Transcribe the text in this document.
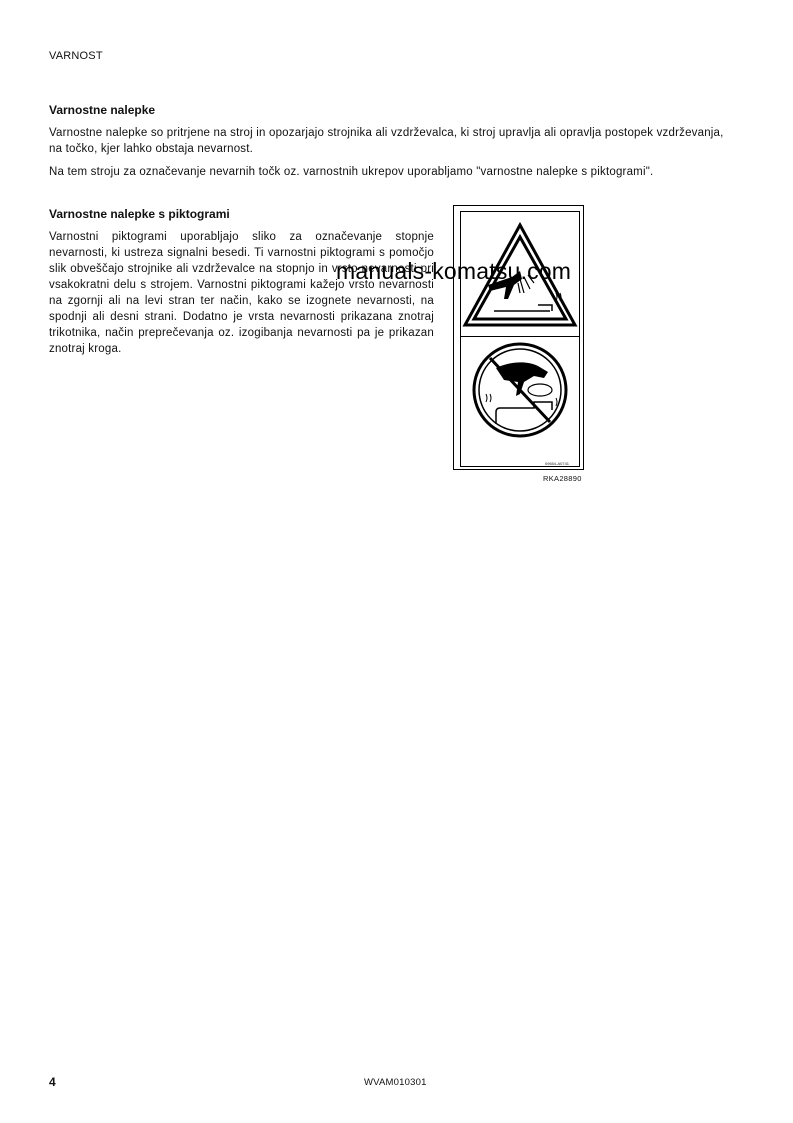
VARNOST
Varnostne nalepke
Varnostne nalepke so pritrjene na stroj in opozarjajo strojnika ali vzdrževalca, ki stroj upravlja ali opravlja postopek vzdrževanja, na točko, kjer lahko obstaja nevarnost.
Na tem stroju za označevanje nevarnih točk oz. varnostnih ukrepov uporabljamo "varnostne nalepke s piktogrami".
Varnostne nalepke s piktogrami
Varnostni piktogrami uporabljajo sliko za označevanje stopnje nevarnosti, ki ustreza signalni besedi. Ti varnostni piktogrami s pomočjo slik obveščajo strojnike ali vzdrževalce na stopnjo in vrsto nevarnosti pri vsakokratni delu s strojem. Varnostni piktogrami kažejo vrsto nevarnosti na zgornji ali na levi stran ter način, kako se izognete nevarnosti, na spodnji ali desni strani. Dodatno je vrsta nevarnosti prikazana znotraj trikotnika, način preprečevanja oz. izogibanja nevarnosti pa je prikazan znotraj kroga.
09654-A0741
RKA28890
manuals-komatsu.com
4	WVAM010301
